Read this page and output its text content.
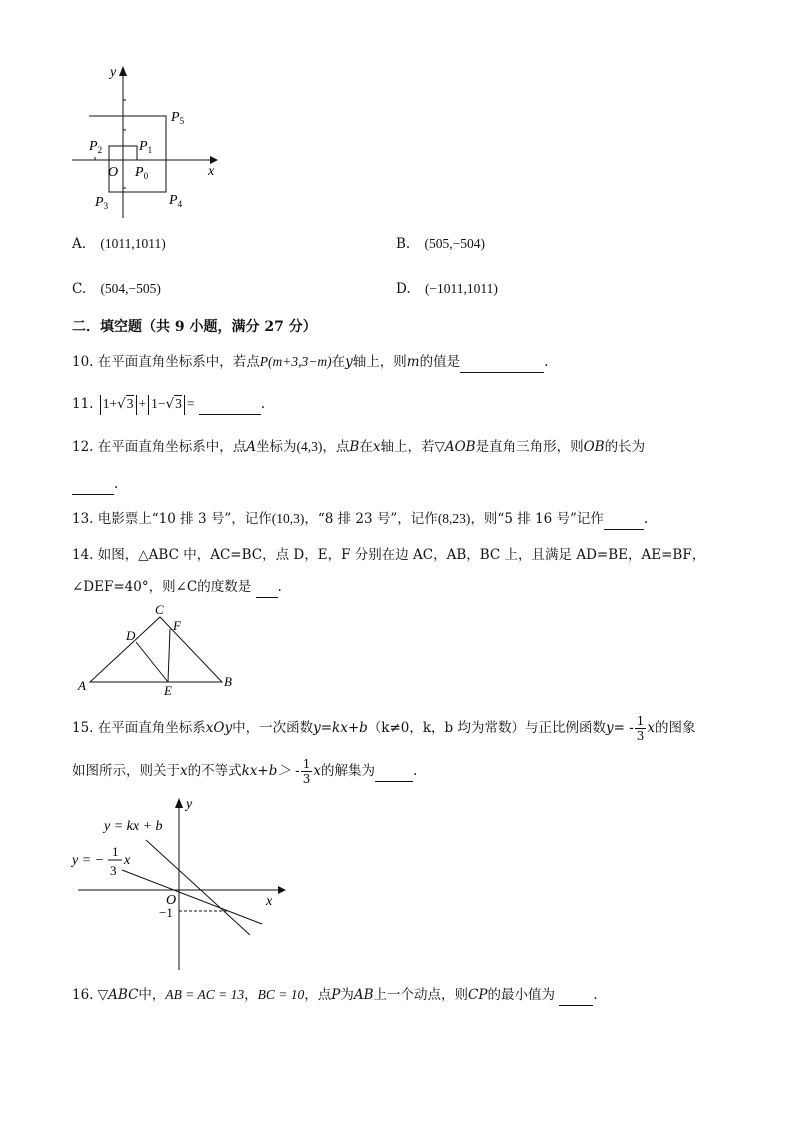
x
y
O $P_0$
$P_1$
$P_2$
$P_3$	$P_4$
$P_5$
A. (1011,1011)	B. (505,−504)
C. (504,−505)	D. (−1011,1011)
二．填空题（共 9 小题，满分 27 分）
10. 在平面直角坐标系中，若点P(m+3,3−m)在y轴上，则m的值是	.
11. 1+√3 + 1−√3 =	.
12. 在平面直角坐标系中，点A坐标为(4,3)，点B在x轴上，若▽AOB是直角三角形，则OB的长为
.
13. 电影票上“10 排 3 号”，记作(10,3)，“8 排 23 号”，记作(8,23)，则“5 排 16 号”记作	.
14. 如图，△ABC 中，AC=BC，点 D，E，F 分别在边 AC，AB，BC 上，且满足 AD=BE，AE=BF，
∠DEF=40°，则∠C的度数是 .
A	B
C
D
E
F
15. 在平面直角坐标系xOy中，一次函数y=kx+b（k≠0，k，b 均为常数）与正比例函数$y= - \frac{1}{3}$ x的图象
如图所示，则关于x的不等式$kx+b> - \frac{1}{3}$ x的解集为	.
x
y
O
−1
y = kx + b
y = −
1
3
x
16. ▽ABC中，AB = AC = 13，BC = 10，点P为AB上一个动点，则CP的最小值为	.
